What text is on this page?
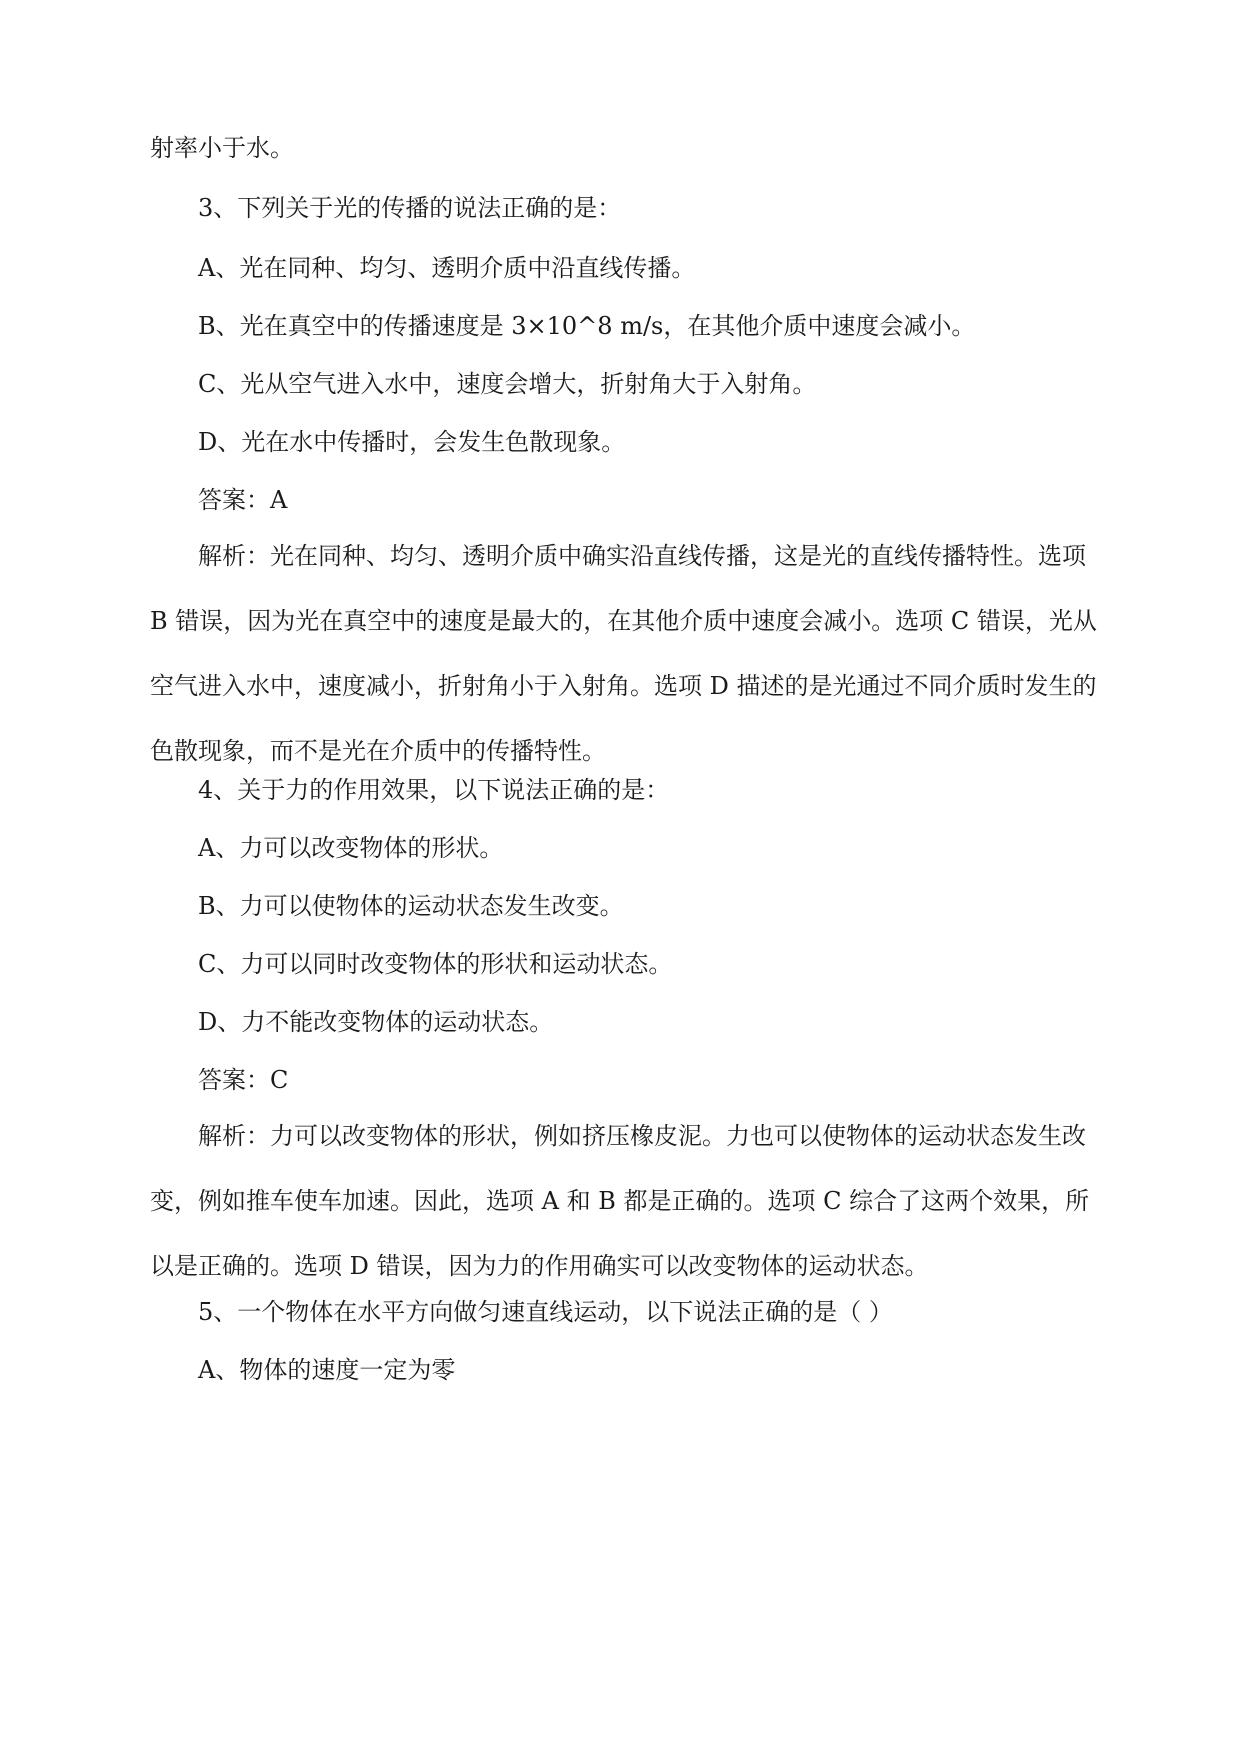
射率小于水。
3、下列关于光的传播的说法正确的是：
A、光在同种、均匀、透明介质中沿直线传播。
B、光在真空中的传播速度是 3×10^8 m/s，在其他介质中速度会减小。
C、光从空气进入水中，速度会增大，折射角大于入射角。
D、光在水中传播时，会发生色散现象。
答案：A
解析：光在同种、均匀、透明介质中确实沿直线传播，这是光的直线传播特性。选项 B 错误，因为光在真空中的速度是最大的，在其他介质中速度会减小。选项 C 错误，光从空气进入水中，速度减小，折射角小于入射角。选项 D 描述的是光通过不同介质时发生的色散现象，而不是光在介质中的传播特性。
4、关于力的作用效果，以下说法正确的是：
A、力可以改变物体的形状。
B、力可以使物体的运动状态发生改变。
C、力可以同时改变物体的形状和运动状态。
D、力不能改变物体的运动状态。
答案：C
解析：力可以改变物体的形状，例如挤压橡皮泥。力也可以使物体的运动状态发生改变，例如推车使车加速。因此，选项 A 和 B 都是正确的。选项 C 综合了这两个效果，所以是正确的。选项 D 错误，因为力的作用确实可以改变物体的运动状态。
5、一个物体在水平方向做匀速直线运动，以下说法正确的是（ ）
A、物体的速度一定为零
